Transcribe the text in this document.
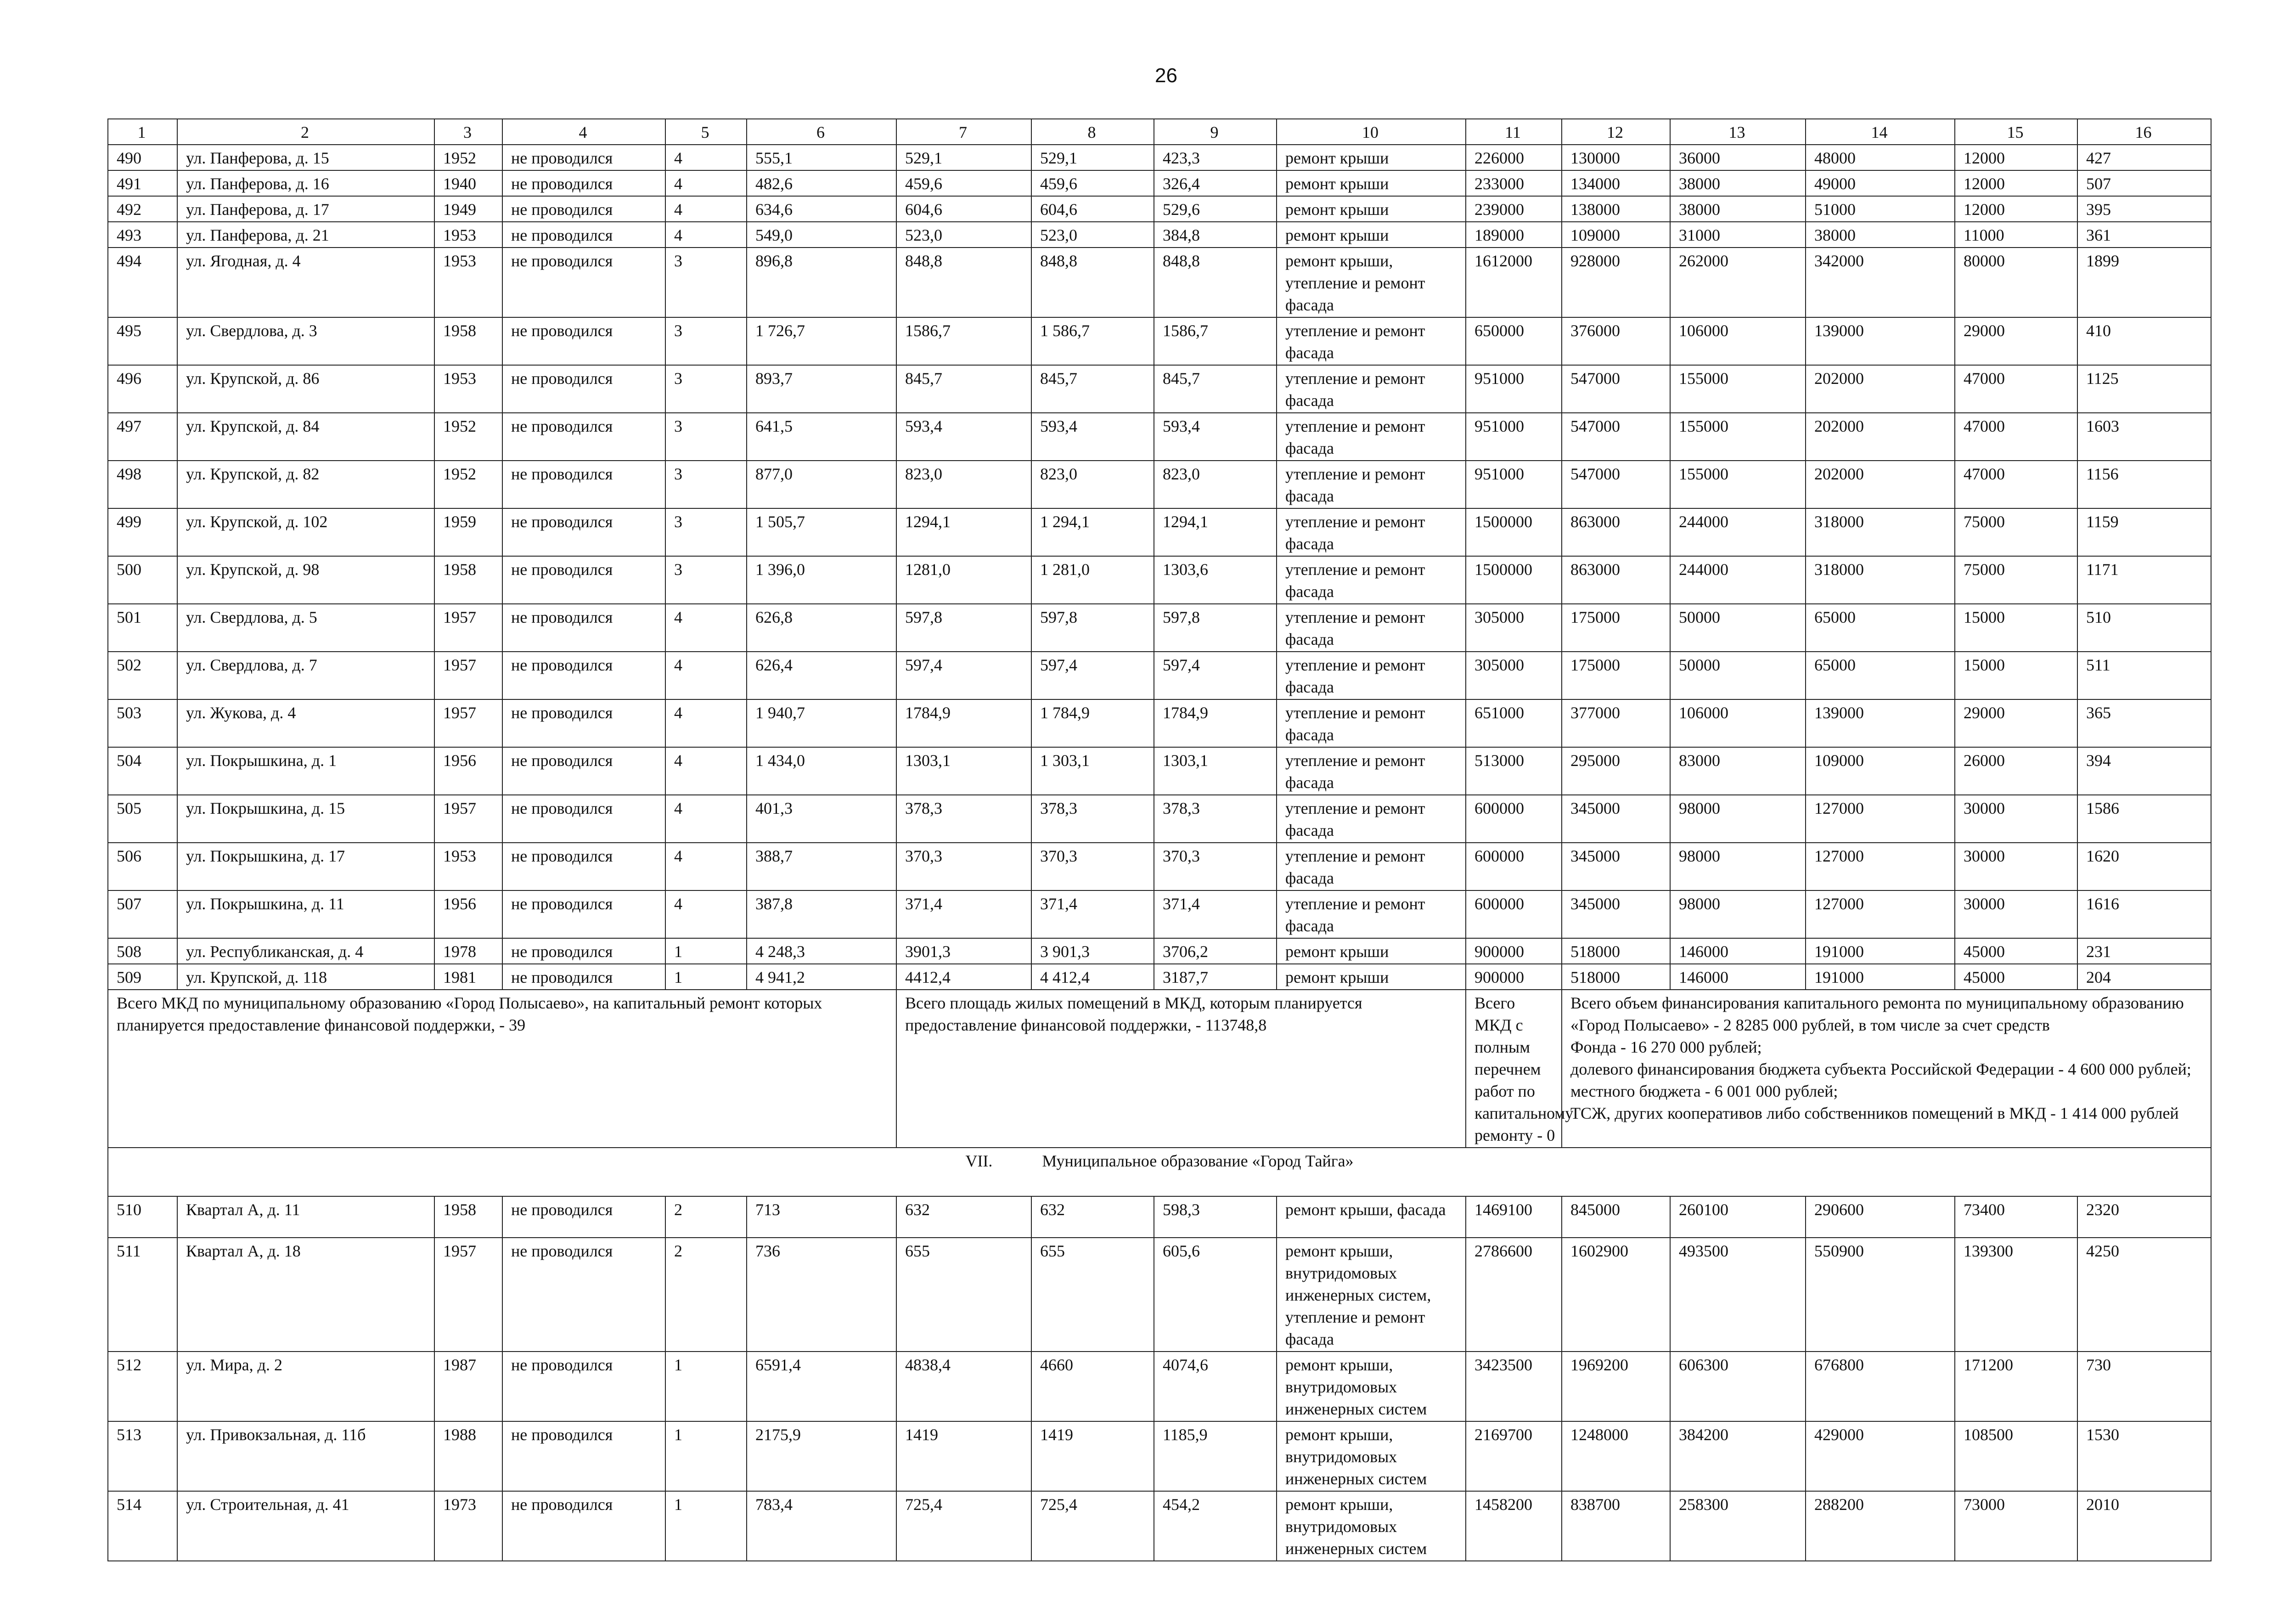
26
1	2	3	4	5	6	7	8	9	10	11	12	13	14	15	16
490	ул. Панферова, д. 15	1952	не проводился	4	555,1	529,1	529,1	423,3	ремонт крыши	226000	130000	36000	48000	12000	427
491	ул. Панферова, д. 16	1940	не проводился	4	482,6	459,6	459,6	326,4	ремонт крыши	233000	134000	38000	49000	12000	507
492	ул. Панферова, д. 17	1949	не проводился	4	634,6	604,6	604,6	529,6	ремонт крыши	239000	138000	38000	51000	12000	395
493	ул. Панферова, д. 21	1953	не проводился	4	549,0	523,0	523,0	384,8	ремонт крыши	189000	109000	31000	38000	11000	361
494	ул. Ягодная, д. 4	1953	не проводился	3	896,8	848,8	848,8	848,8	ремонт крыши, утепление и ремонт фасада	1612000	928000	262000	342000	80000	1899
495	ул. Свердлова, д. 3	1958	не проводился	3	1 726,7	1586,7	1 586,7	1586,7	утепление и ремонт фасада	650000	376000	106000	139000	29000	410
496	ул. Крупской, д. 86	1953	не проводился	3	893,7	845,7	845,7	845,7	утепление и ремонт фасада	951000	547000	155000	202000	47000	1125
497	ул. Крупской, д. 84	1952	не проводился	3	641,5	593,4	593,4	593,4	утепление и ремонт фасада	951000	547000	155000	202000	47000	1603
498	ул. Крупской, д. 82	1952	не проводился	3	877,0	823,0	823,0	823,0	утепление и ремонт фасада	951000	547000	155000	202000	47000	1156
499	ул. Крупской, д. 102	1959	не проводился	3	1 505,7	1294,1	1 294,1	1294,1	утепление и ремонт фасада	1500000	863000	244000	318000	75000	1159
500	ул. Крупской, д. 98	1958	не проводился	3	1 396,0	1281,0	1 281,0	1303,6	утепление и ремонт фасада	1500000	863000	244000	318000	75000	1171
501	ул. Свердлова, д. 5	1957	не проводился	4	626,8	597,8	597,8	597,8	утепление и ремонт фасада	305000	175000	50000	65000	15000	510
502	ул. Свердлова, д. 7	1957	не проводился	4	626,4	597,4	597,4	597,4	утепление и ремонт фасада	305000	175000	50000	65000	15000	511
503	ул. Жукова, д. 4	1957	не проводился	4	1 940,7	1784,9	1 784,9	1784,9	утепление и ремонт фасада	651000	377000	106000	139000	29000	365
504	ул. Покрышкина, д. 1	1956	не проводился	4	1 434,0	1303,1	1 303,1	1303,1	утепление и ремонт фасада	513000	295000	83000	109000	26000	394
505	ул. Покрышкина, д. 15	1957	не проводился	4	401,3	378,3	378,3	378,3	утепление и ремонт фасада	600000	345000	98000	127000	30000	1586
506	ул. Покрышкина, д. 17	1953	не проводился	4	388,7	370,3	370,3	370,3	утепление и ремонт фасада	600000	345000	98000	127000	30000	1620
507	ул. Покрышкина, д. 11	1956	не проводился	4	387,8	371,4	371,4	371,4	утепление и ремонт фасада	600000	345000	98000	127000	30000	1616
508	ул. Республиканская, д. 4	1978	не проводился	1	4 248,3	3901,3	3 901,3	3706,2	ремонт крыши	900000	518000	146000	191000	45000	231
509	ул. Крупской, д. 118	1981	не проводился	1	4 941,2	4412,4	4 412,4	3187,7	ремонт крыши	900000	518000	146000	191000	45000	204
Всего МКД по муниципальному образованию «Город Полысаево», на капитальный ремонт которых планируется предоставление финансовой поддержки, - 39						Всего площадь жилых помещений в МКД, которым планируется предоставление финансовой поддержки, - 113748,8				Всего МКД с полным перечнем работ по капитальному ремонту - 0	Всего объем финансирования капитального ремонта по муниципальному образованию «Город Полысаево» - 2 8285 000 рублей, в том числе за счет средств
Фонда - 16 270 000 рублей;
долевого финансирования бюджета субъекта Российской Федерации - 4 600 000 рублей;
местного бюджета - 6 001 000 рублей;
ТСЖ, других кооперативов либо собственников помещений в МКД - 1 414 000 рублей				

VII. Муниципальное образование «Город Тайга»															
510	Квартал А, д. 11	1958	не проводился	2	713	632	632	598,3	ремонт крыши, фасада	1469100	845000	260100	290600	73400	2320
511	Квартал А, д. 18	1957	не проводился	2	736	655	655	605,6	ремонт крыши, внутридомовых инженерных систем, утепление и ремонт фасада	2786600	1602900	493500	550900	139300	4250
512	ул. Мира, д. 2	1987	не проводился	1	6591,4	4838,4	4660	4074,6	ремонт крыши, внутридомовых инженерных систем	3423500	1969200	606300	676800	171200	730
513	ул. Привокзальная, д. 11б	1988	не проводился	1	2175,9	1419	1419	1185,9	ремонт крыши, внутридомовых инженерных систем	2169700	1248000	384200	429000	108500	1530
514	ул. Строительная, д. 41	1973	не проводился	1	783,4	725,4	725,4	454,2	ремонт крыши, внутридомовых инженерных систем	1458200	838700	258300	288200	73000	2010
